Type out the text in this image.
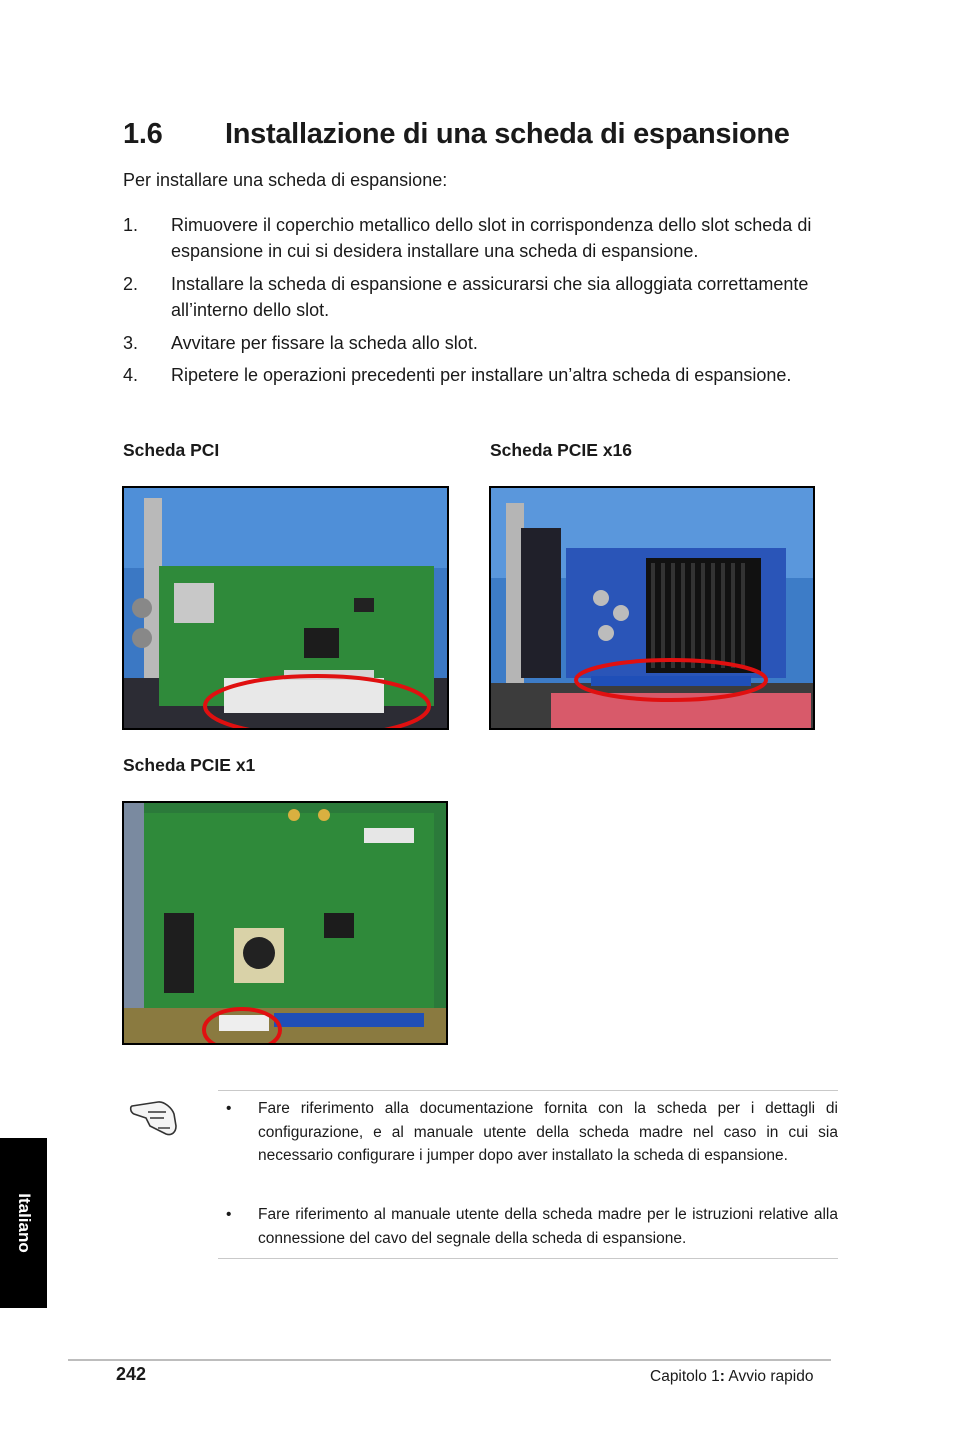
1.6 Installazione di una scheda di espansione
Per installare una scheda di espansione:
1. Rimuovere il coperchio metallico dello slot in corrispondenza dello slot scheda di espansione in cui si desidera installare una scheda di espansione.
2. Installare la scheda di espansione e assicurarsi che sia alloggiata correttamente all’interno dello slot.
3. Avvitare per fissare la scheda allo slot.
4. Ripetere le operazioni precedenti per installare un’altra scheda di espansione.
Scheda PCI	Scheda PCIE x16
Scheda PCIE x1
• Fare riferimento alla documentazione fornita con la scheda per i dettagli di configurazione, e al manuale utente della scheda madre nel caso in cui sia necessario configurare i jumper dopo aver installato la scheda di espansione.
• Fare riferimento al manuale utente della scheda madre per le istruzioni relative alla connessione del cavo del segnale della scheda di espansione.
Italiano
242	Capitolo 1: Avvio rapido
